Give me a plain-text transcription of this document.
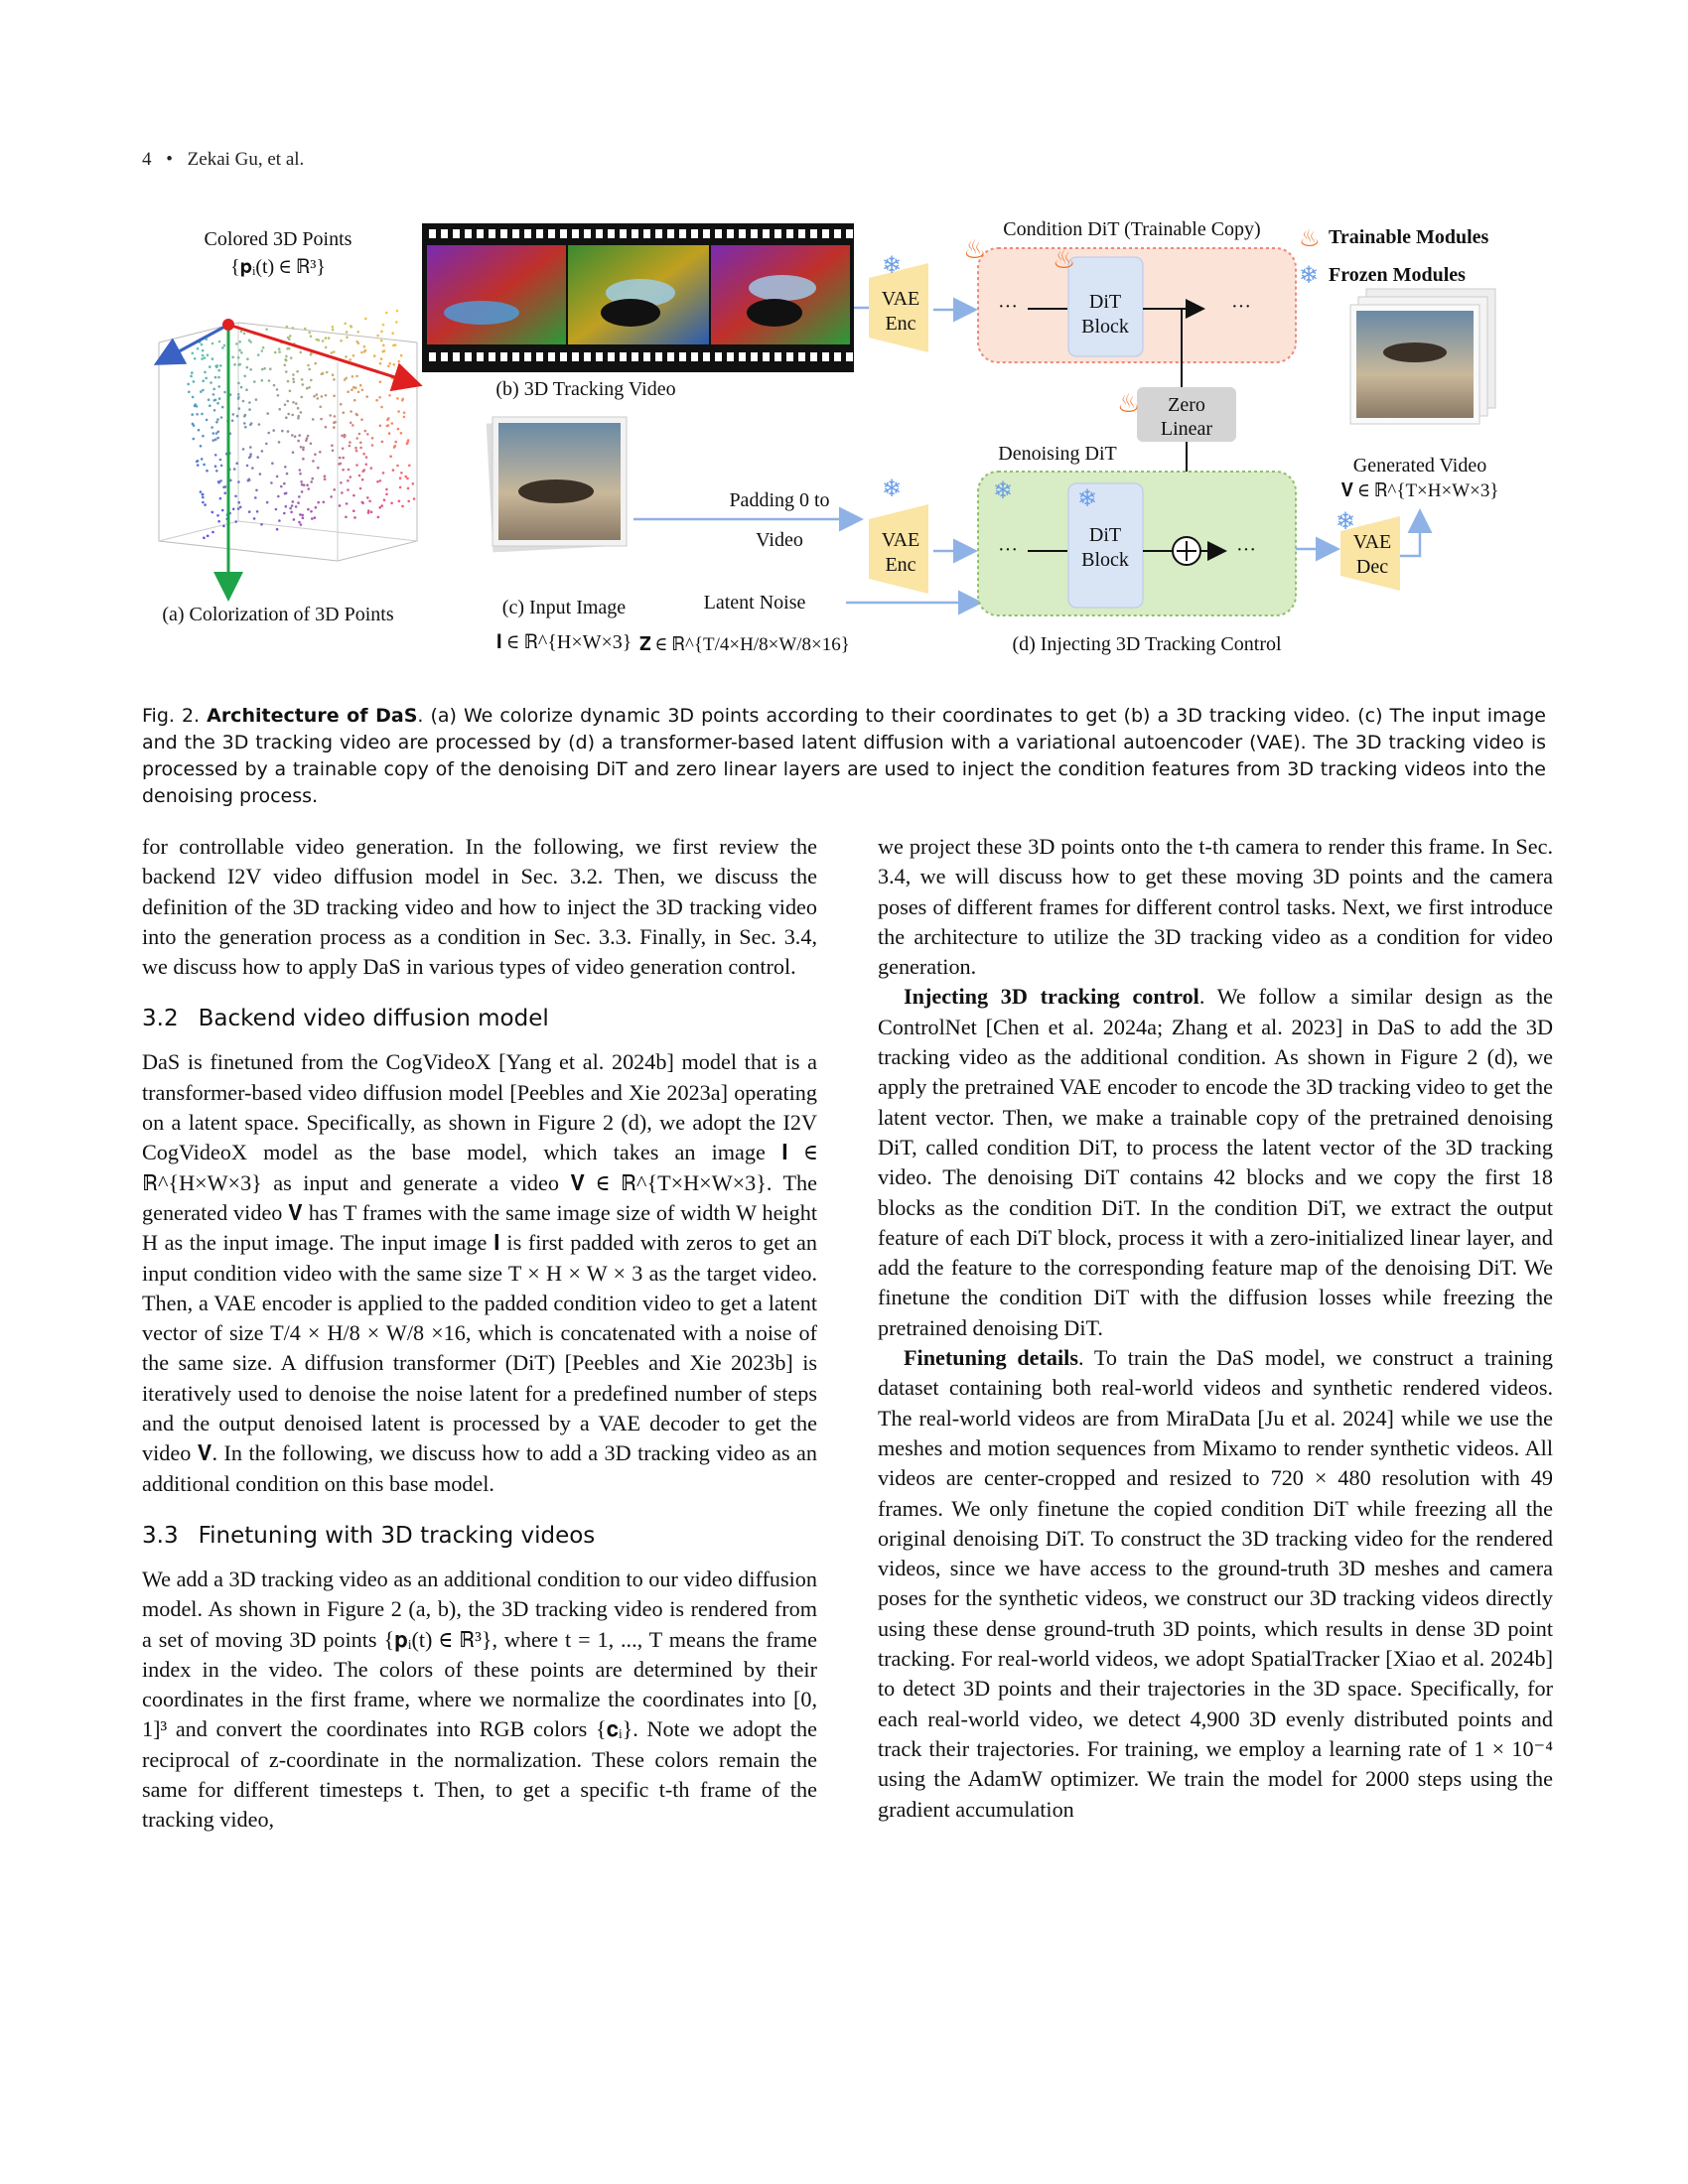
4 • Zekai Gu, et al.
Colored 3D Points
{𝐩ᵢ(t) ∈ ℝ³}
(a) Colorization of 3D Points
(b) 3D Tracking Video
(c) Input Image
𝐈 ∈ ℝ^{H×W×3}
Padding 0 to
Video
Latent Noise
𝐙 ∈ ℝ^{T/4×H/8×W/8×16}
VAE
Enc
❄
Condition DiT (Trainable Copy)
···	DiT
Block
···
♨	♨
Zero
Linear
♨
Denoising DiT
···
DiT
Block	···
❄	❄
(d) Injecting 3D Tracking Control
VAE
Enc
❄
VAE
Dec
❄
Generated Video
𝐕 ∈ ℝ^{T×H×W×3}
♨ Trainable Modules
❄ Frozen Modules
Fig. 2. Architecture of DaS. (a) We colorize dynamic 3D points according to their coordinates to get (b) a 3D tracking video. (c) The input image and the 3D tracking video are processed by (d) a transformer-based latent diffusion with a variational autoencoder (VAE). The 3D tracking video is processed by a trainable copy of the denoising DiT and zero linear layers are used to inject the condition features from 3D tracking videos into the denoising process.

for controllable video generation. In the following, we first review the backend I2V video diffusion model in Sec. 3.2. Then, we discuss the definition of the 3D tracking video and how to inject the 3D tracking video into the generation process as a condition in Sec. 3.3. Finally, in Sec. 3.4, we discuss how to apply DaS in various types of video generation control.

3.2 Backend video diffusion model

DaS is finetuned from the CogVideoX [Yang et al. 2024b] model that is a transformer-based video diffusion model [Peebles and Xie 2023a] operating on a latent space. Specifically, as shown in Figure 2 (d), we adopt the I2V CogVideoX model as the base model, which takes an image 𝐈 ∈ ℝ^{H×W×3} as input and generate a video 𝐕 ∈ ℝ^{T×H×W×3}. The generated video 𝐕 has T frames with the same image size of width W height H as the input image. The input image 𝐈 is first padded with zeros to get an input condition video with the same size T × H × W × 3 as the target video. Then, a VAE encoder is applied to the padded condition video to get a latent vector of size T/4 × H/8 × W/8 ×16, which is concatenated with a noise of the same size. A diffusion transformer (DiT) [Peebles and Xie 2023b] is iteratively used to denoise the noise latent for a predefined number of steps and the output denoised latent is processed by a VAE decoder to get the video 𝐕. In the following, we discuss how to add a 3D tracking video as an additional condition on this base model.

3.3 Finetuning with 3D tracking videos

We add a 3D tracking video as an additional condition to our video diffusion model. As shown in Figure 2 (a, b), the 3D tracking video is rendered from a set of moving 3D points {𝐩ᵢ(t) ∈ ℝ³}, where t = 1, ..., T means the frame index in the video. The colors of these points are determined by their coordinates in the first frame, where we normalize the coordinates into [0, 1]³ and convert the coordinates into RGB colors {𝐜ᵢ}. Note we adopt the reciprocal of z-coordinate in the normalization. These colors remain the same for different timesteps t. Then, to get a specific t-th frame of the tracking video,

we project these 3D points onto the t-th camera to render this frame. In Sec. 3.4, we will discuss how to get these moving 3D points and the camera poses of different frames for different control tasks. Next, we first introduce the architecture to utilize the 3D tracking video as a condition for video generation.

Injecting 3D tracking control. We follow a similar design as the ControlNet [Chen et al. 2024a; Zhang et al. 2023] in DaS to add the 3D tracking video as the additional condition. As shown in Figure 2 (d), we apply the pretrained VAE encoder to encode the 3D tracking video to get the latent vector. Then, we make a trainable copy of the pretrained denoising DiT, called condition DiT, to process the latent vector of the 3D tracking video. The denoising DiT contains 42 blocks and we copy the first 18 blocks as the condition DiT. In the condition DiT, we extract the output feature of each DiT block, process it with a zero-initialized linear layer, and add the feature to the corresponding feature map of the denoising DiT. We finetune the condition DiT with the diffusion losses while freezing the pretrained denoising DiT.

Finetuning details. To train the DaS model, we construct a training dataset containing both real-world videos and synthetic rendered videos. The real-world videos are from MiraData [Ju et al. 2024] while we use the meshes and motion sequences from Mixamo to render synthetic videos. All videos are center-cropped and resized to 720 × 480 resolution with 49 frames. We only finetune the copied condition DiT while freezing all the original denoising DiT. To construct the 3D tracking video for the rendered videos, since we have access to the ground-truth 3D meshes and camera poses for the synthetic videos, we construct our 3D tracking videos directly using these dense ground-truth 3D points, which results in dense 3D point tracking. For real-world videos, we adopt SpatialTracker [Xiao et al. 2024b] to detect 3D points and their trajectories in the 3D space. Specifically, for each real-world video, we detect 4,900 3D evenly distributed points and track their trajectories. For training, we employ a learning rate of 1 × 10⁻⁴ using the AdamW optimizer. We train the model for 2000 steps using the gradient accumulation
